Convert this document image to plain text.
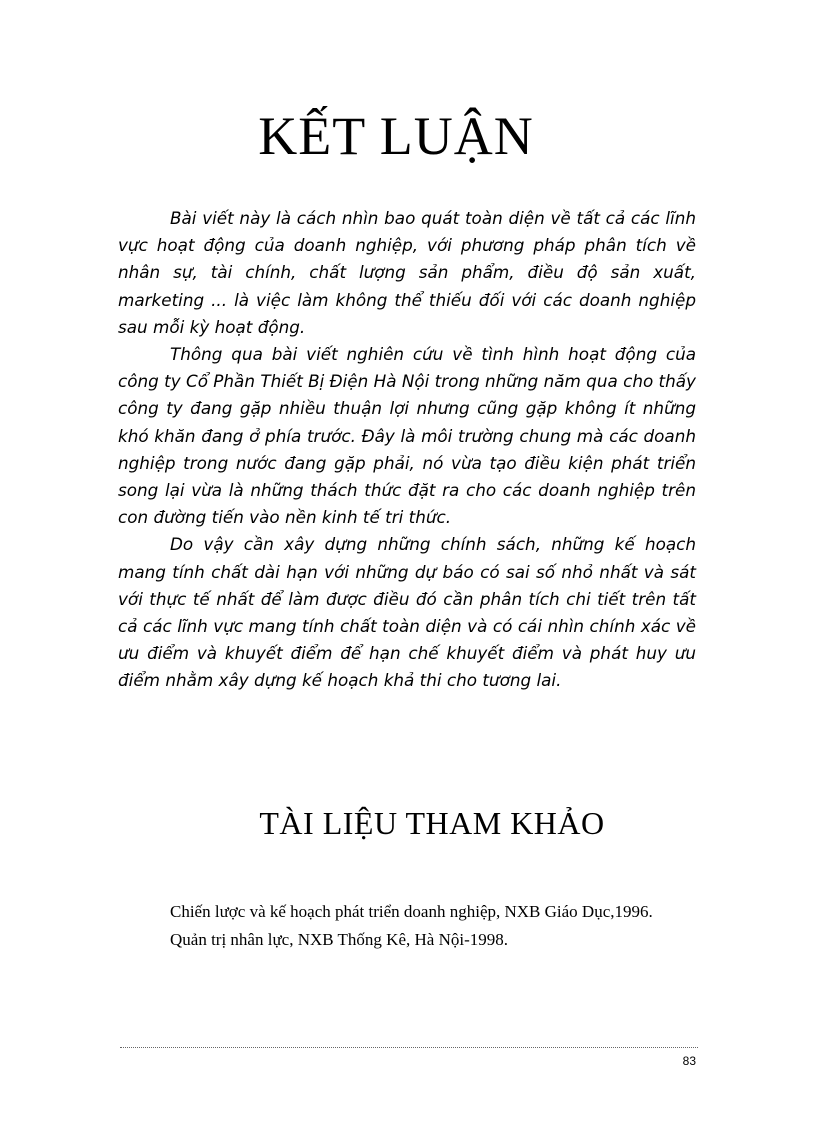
KẾT LUẬN

Bài viết này là cách nhìn bao quát toàn diện về tất cả các lĩnh vực hoạt động của doanh nghiệp, với phương pháp phân tích về nhân sự, tài chính, chất lượng sản phẩm, điều độ sản xuất, marketing ... là việc làm không thể thiếu đối với các doanh nghiệp sau mỗi kỳ hoạt động.

Thông qua bài viết nghiên cứu về tình hình hoạt động của công ty Cổ Phần Thiết Bị Điện Hà Nội trong những năm qua cho thấy công ty đang gặp nhiều thuận lợi nhưng cũng gặp không ít những khó khăn đang ở phía trước. Đây là môi trường chung mà các doanh nghiệp trong nước đang gặp phải, nó vừa tạo điều kiện phát triển song lại vừa là những thách thức đặt ra cho các doanh nghiệp trên con đường tiến vào nền kinh tế tri thức.

Do vậy cần xây dựng những chính sách, những kế hoạch mang tính chất dài hạn với những dự báo có sai số nhỏ nhất và sát với thực tế nhất để làm được điều đó cần phân tích chi tiết trên tất cả các lĩnh vực mang tính chất toàn diện và có cái nhìn chính xác về ưu điểm và khuyết điểm để hạn chế khuyết điểm và phát huy ưu điểm nhằm xây dựng kế hoạch khả thi cho tương lai.

TÀI LIỆU THAM KHẢO

Chiến lược và kế hoạch phát triển doanh nghiệp, NXB Giáo Dục,1996.

Quản trị nhân lực, NXB Thống Kê, Hà Nội-1998.

83
